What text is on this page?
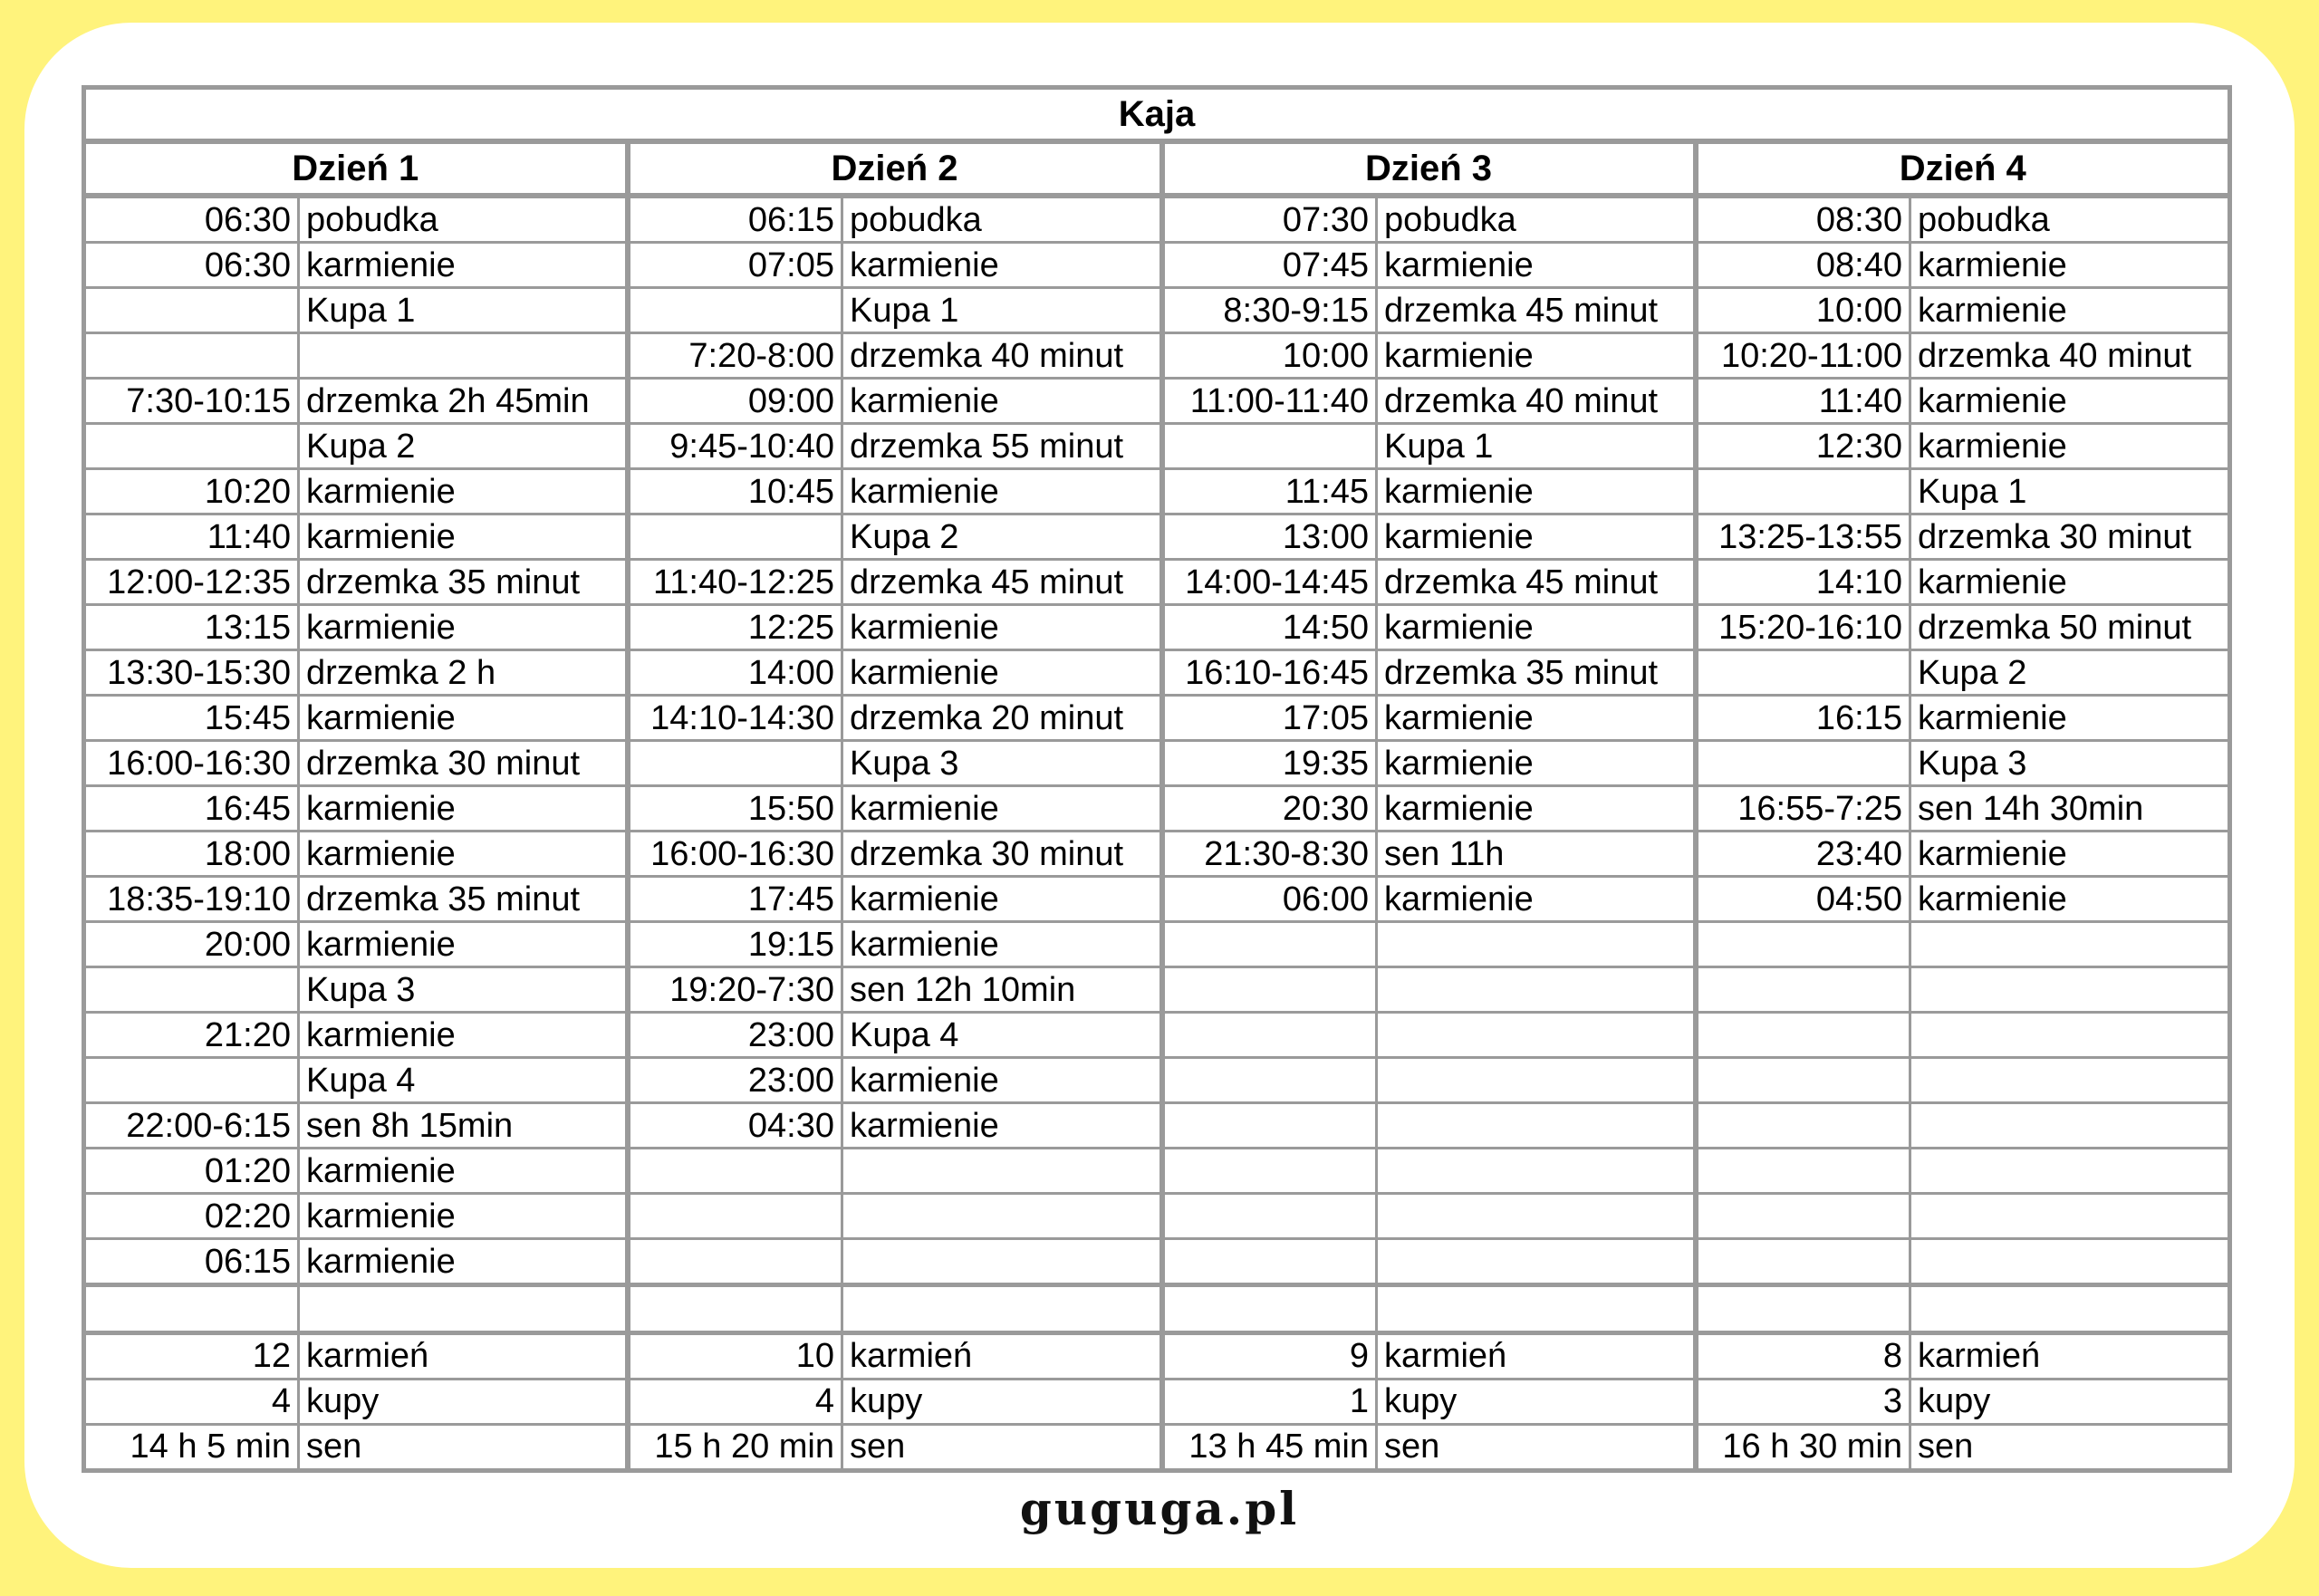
Kaja							
Dzień 1		Dzień 2		Dzień 3		Dzień 4	
06:30	pobudka	06:15	pobudka	07:30	pobudka	08:30	pobudka
06:30	karmienie	07:05	karmienie	07:45	karmienie	08:40	karmienie
	Kupa 1		Kupa 1	8:30-9:15	drzemka 45 minut	10:00	karmienie
		7:20-8:00	drzemka 40 minut	10:00	karmienie	10:20-11:00	drzemka 40 minut
7:30-10:15	drzemka 2h 45min	09:00	karmienie	11:00-11:40	drzemka 40 minut	11:40	karmienie
	Kupa 2	9:45-10:40	drzemka 55 minut		Kupa 1	12:30	karmienie
10:20	karmienie	10:45	karmienie	11:45	karmienie		Kupa 1
11:40	karmienie		Kupa 2	13:00	karmienie	13:25-13:55	drzemka 30 minut
12:00-12:35	drzemka 35 minut	11:40-12:25	drzemka 45 minut	14:00-14:45	drzemka 45 minut	14:10	karmienie
13:15	karmienie	12:25	karmienie	14:50	karmienie	15:20-16:10	drzemka 50 minut
13:30-15:30	drzemka 2 h	14:00	karmienie	16:10-16:45	drzemka 35 minut		Kupa 2
15:45	karmienie	14:10-14:30	drzemka 20 minut	17:05	karmienie	16:15	karmienie
16:00-16:30	drzemka 30 minut		Kupa 3	19:35	karmienie		Kupa 3
16:45	karmienie	15:50	karmienie	20:30	karmienie	16:55-7:25	sen 14h 30min
18:00	karmienie	16:00-16:30	drzemka 30 minut	21:30-8:30	sen 11h	23:40	karmienie
18:35-19:10	drzemka 35 minut	17:45	karmienie	06:00	karmienie	04:50	karmienie
20:00	karmienie	19:15	karmienie				
	Kupa 3	19:20-7:30	sen 12h 10min				
21:20	karmienie	23:00	Kupa 4				
	Kupa 4	23:00	karmienie				
22:00-6:15	sen 8h 15min	04:30	karmienie				
01:20	karmienie						
02:20	karmienie						
06:15	karmienie						

12	karmień	10	karmień	9	karmień	8	karmień
4	kupy	4	kupy	1	kupy	3	kupy
14 h 5 min	sen	15 h 20 min	sen	13 h 45 min	sen	16 h 30 min	sen
guguga.pl
